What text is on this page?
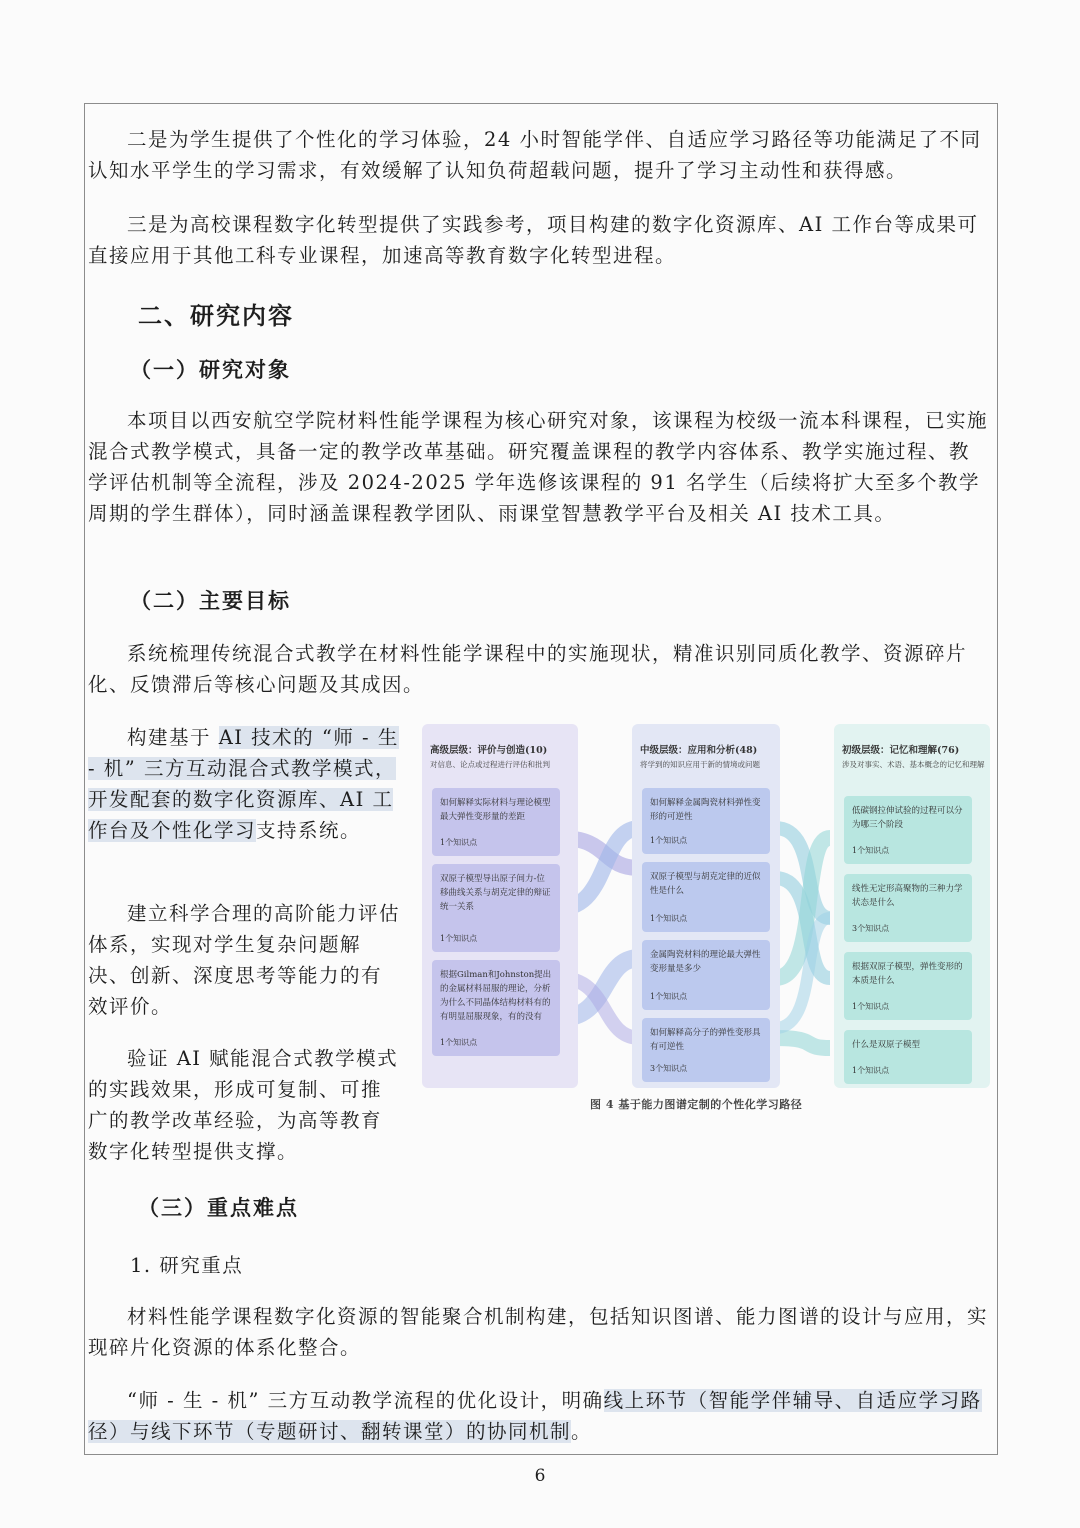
二是为学生提供了个性化的学习体验，24 小时智能学伴、自适应学习路径等功能满足了不同认知水平学生的学习需求，有效缓解了认知负荷超载问题，提升了学习主动性和获得感。

三是为高校课程数字化转型提供了实践参考，项目构建的数字化资源库、AI 工作台等成果可直接应用于其他工科专业课程，加速高等教育数字化转型进程。

二、研究内容
（一）研究对象

本项目以西安航空学院材料性能学课程为核心研究对象，该课程为校级一流本科课程，已实施混合式教学模式，具备一定的教学改革基础。研究覆盖课程的教学内容体系、教学实施过程、教学评估机制等全流程，涉及 2024-2025 学年选修该课程的 91 名学生（后续将扩大至多个教学周期的学生群体），同时涵盖课程教学团队、雨课堂智慧教学平台及相关 AI 技术工具。

（二）主要目标

系统梳理传统混合式教学在材料性能学课程中的实施现状，精准识别同质化教学、资源碎片化、反馈滞后等核心问题及其成因。

构建基于 AI 技术的 “师 - 生 - 机” 三方互动混合式教学模式，开发配套的数字化资源库、AI 工作台及个性化学习支持系统。

建立科学合理的高阶能力评估体系，实现对学生复杂问题解决、创新、深度思考等能力的有效评价。

验证 AI 赋能混合式教学模式的实践效果，形成可复制、可推广的教学改革经验，为高等教育数字化转型提供支撑。

高级层级：评价与创造(10)
对信息、论点或过程进行评估和批判
如何解释实际材料与理论模型最大弹性变形量的差距
1个知识点
双原子模型导出原子间力-位移曲线关系与胡克定律的辩证统一关系
1个知识点
根据Gilman和Johnston提出的金属材料屈服的理论，分析为什么不同晶体结构材料有的有明显屈服现象，有的没有
1个知识点
中级层级：应用和分析(48)
将学到的知识应用于新的情境或问题
如何解释金属陶瓷材料弹性变形的可逆性
1个知识点
双原子模型与胡克定律的近似性是什么
1个知识点
金属陶瓷材料的理论最大弹性变形量是多少
1个知识点
如何解释高分子的弹性变形具有可逆性
3个知识点
初级层级：记忆和理解(76)
涉及对事实、术语、基本概念的记忆和理解
低碳钢拉伸试验的过程可以分为哪三个阶段
1个知识点
线性无定形高聚物的三种力学状态是什么
3个知识点
根据双原子模型，弹性变形的本质是什么
1个知识点
什么是双原子模型
1个知识点
图 4 基于能力图谱定制的个性化学习路径
（三）重点难点

1. 研究重点

材料性能学课程数字化资源的智能聚合机制构建，包括知识图谱、能力图谱的设计与应用，实现碎片化资源的体系化整合。

“师 - 生 - 机” 三方互动教学流程的优化设计，明确线上环节（智能学伴辅导、自适应学习路径）与线下环节（专题研讨、翻转课堂）的协同机制。

6
